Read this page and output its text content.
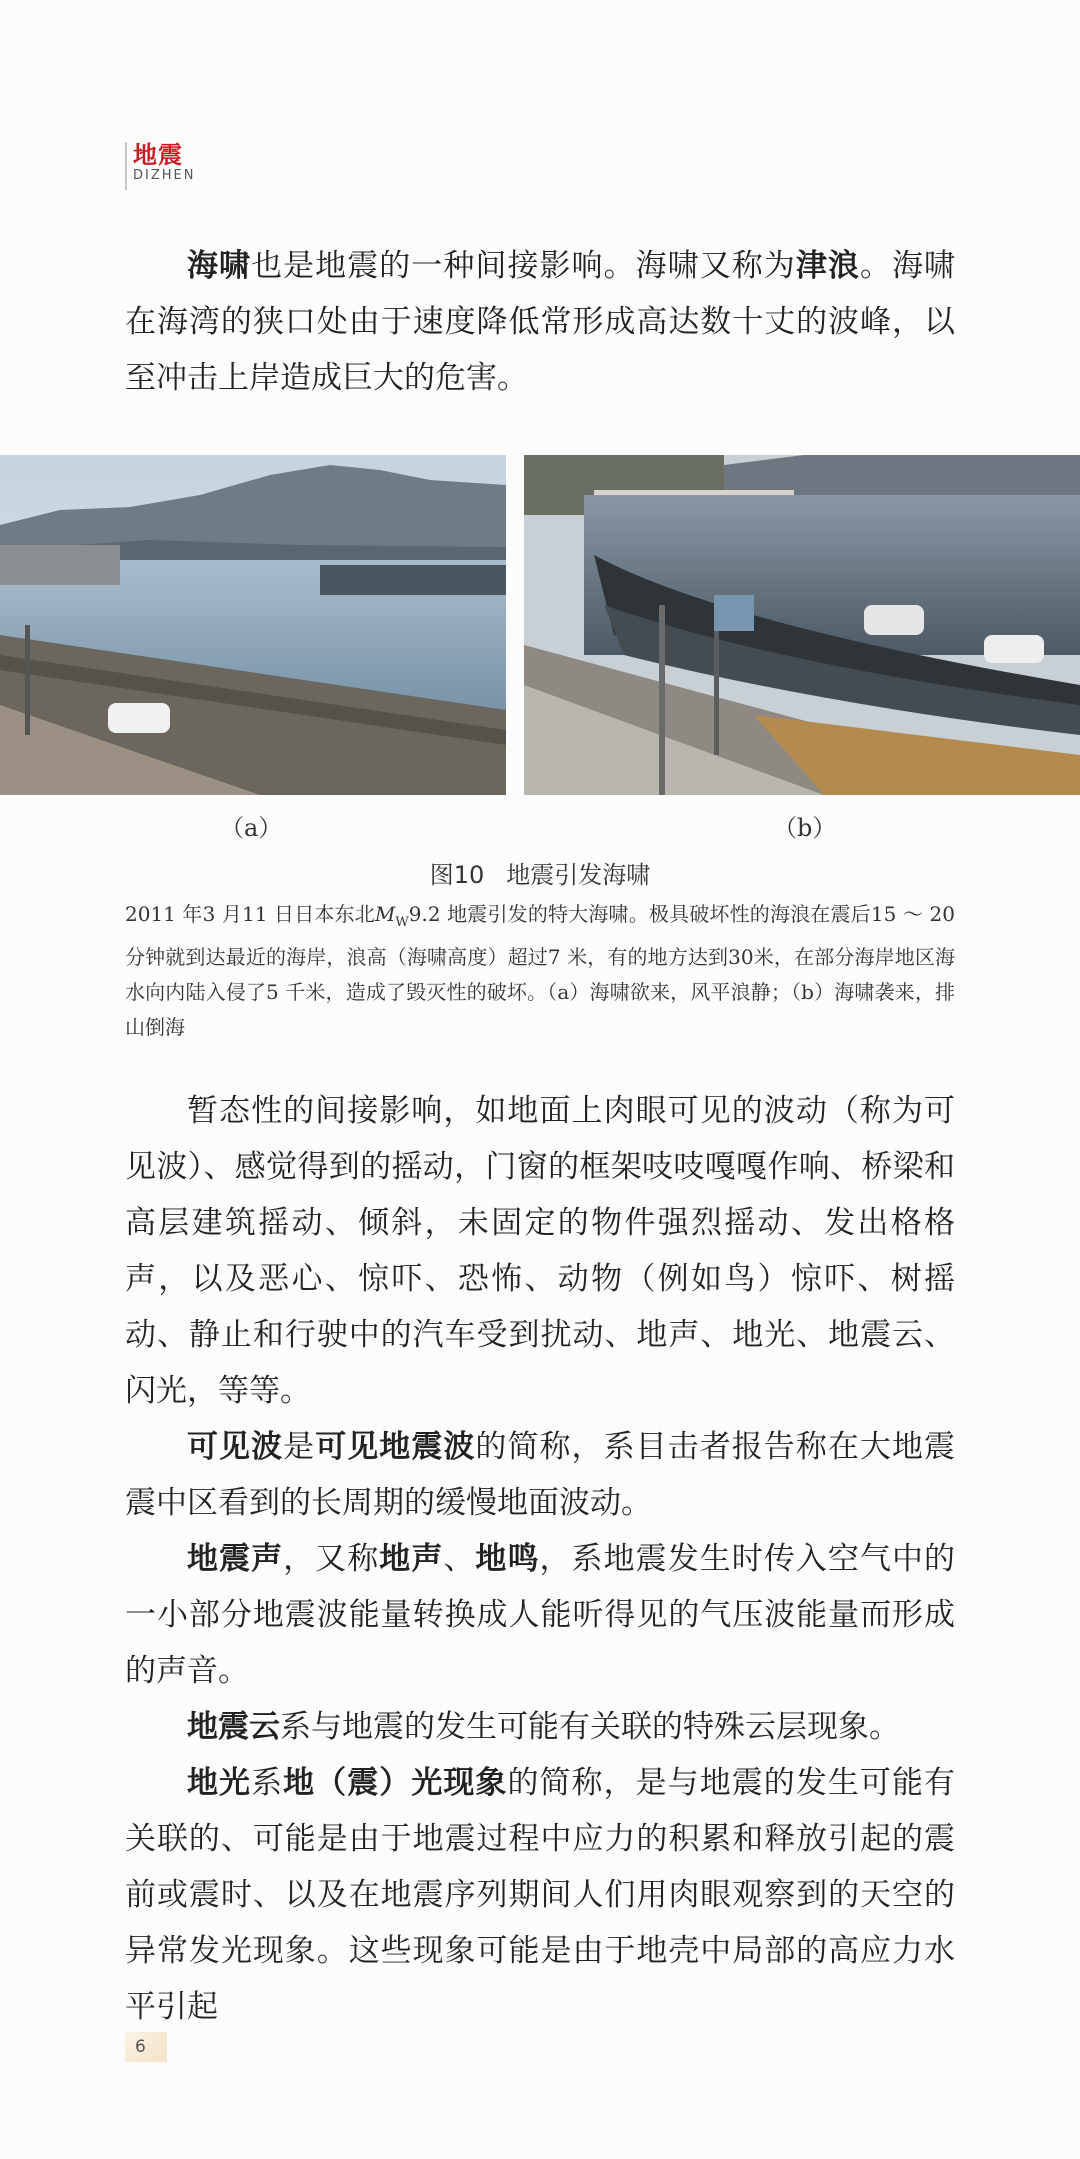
地震
DIZHEN

海啸也是地震的一种间接影响。海啸又称为津浪。海啸在海湾的狭口处由于速度降低常形成高达数十丈的波峰，以至冲击上岸造成巨大的危害。

（a）	（b）
图10 地震引发海啸

2011 年3 月11 日日本东北$M_W9.2$ 地震引发的特大海啸。极具破坏性的海浪在震后15 ～ 20 分钟就到达最近的海岸，浪高（海啸高度）超过7 米，有的地方达到30米，在部分海岸地区海水向内陆入侵了5 千米，造成了毁灭性的破坏。（a）海啸欲来，风平浪静；（b）海啸袭来，排山倒海

暂态性的间接影响，如地面上肉眼可见的波动（称为可见波）、感觉得到的摇动，门窗的框架吱吱嘎嘎作响、桥梁和高层建筑摇动、倾斜，未固定的物件强烈摇动、发出格格声，以及恶心、惊吓、恐怖、动物（例如鸟）惊吓、树摇动、静止和行驶中的汽车受到扰动、地声、地光、地震云、闪光，等等。

可见波是可见地震波的简称，系目击者报告称在大地震震中区看到的长周期的缓慢地面波动。

地震声，又称地声、地鸣，系地震发生时传入空气中的一小部分地震波能量转换成人能听得见的气压波能量而形成的声音。

地震云系与地震的发生可能有关联的特殊云层现象。

地光系地（震）光现象的简称，是与地震的发生可能有关联的、可能是由于地震过程中应力的积累和释放引起的震前或震时、以及在地震序列期间人们用肉眼观察到的天空的异常发光现象。这些现象可能是由于地壳中局部的高应力水平引起

6
